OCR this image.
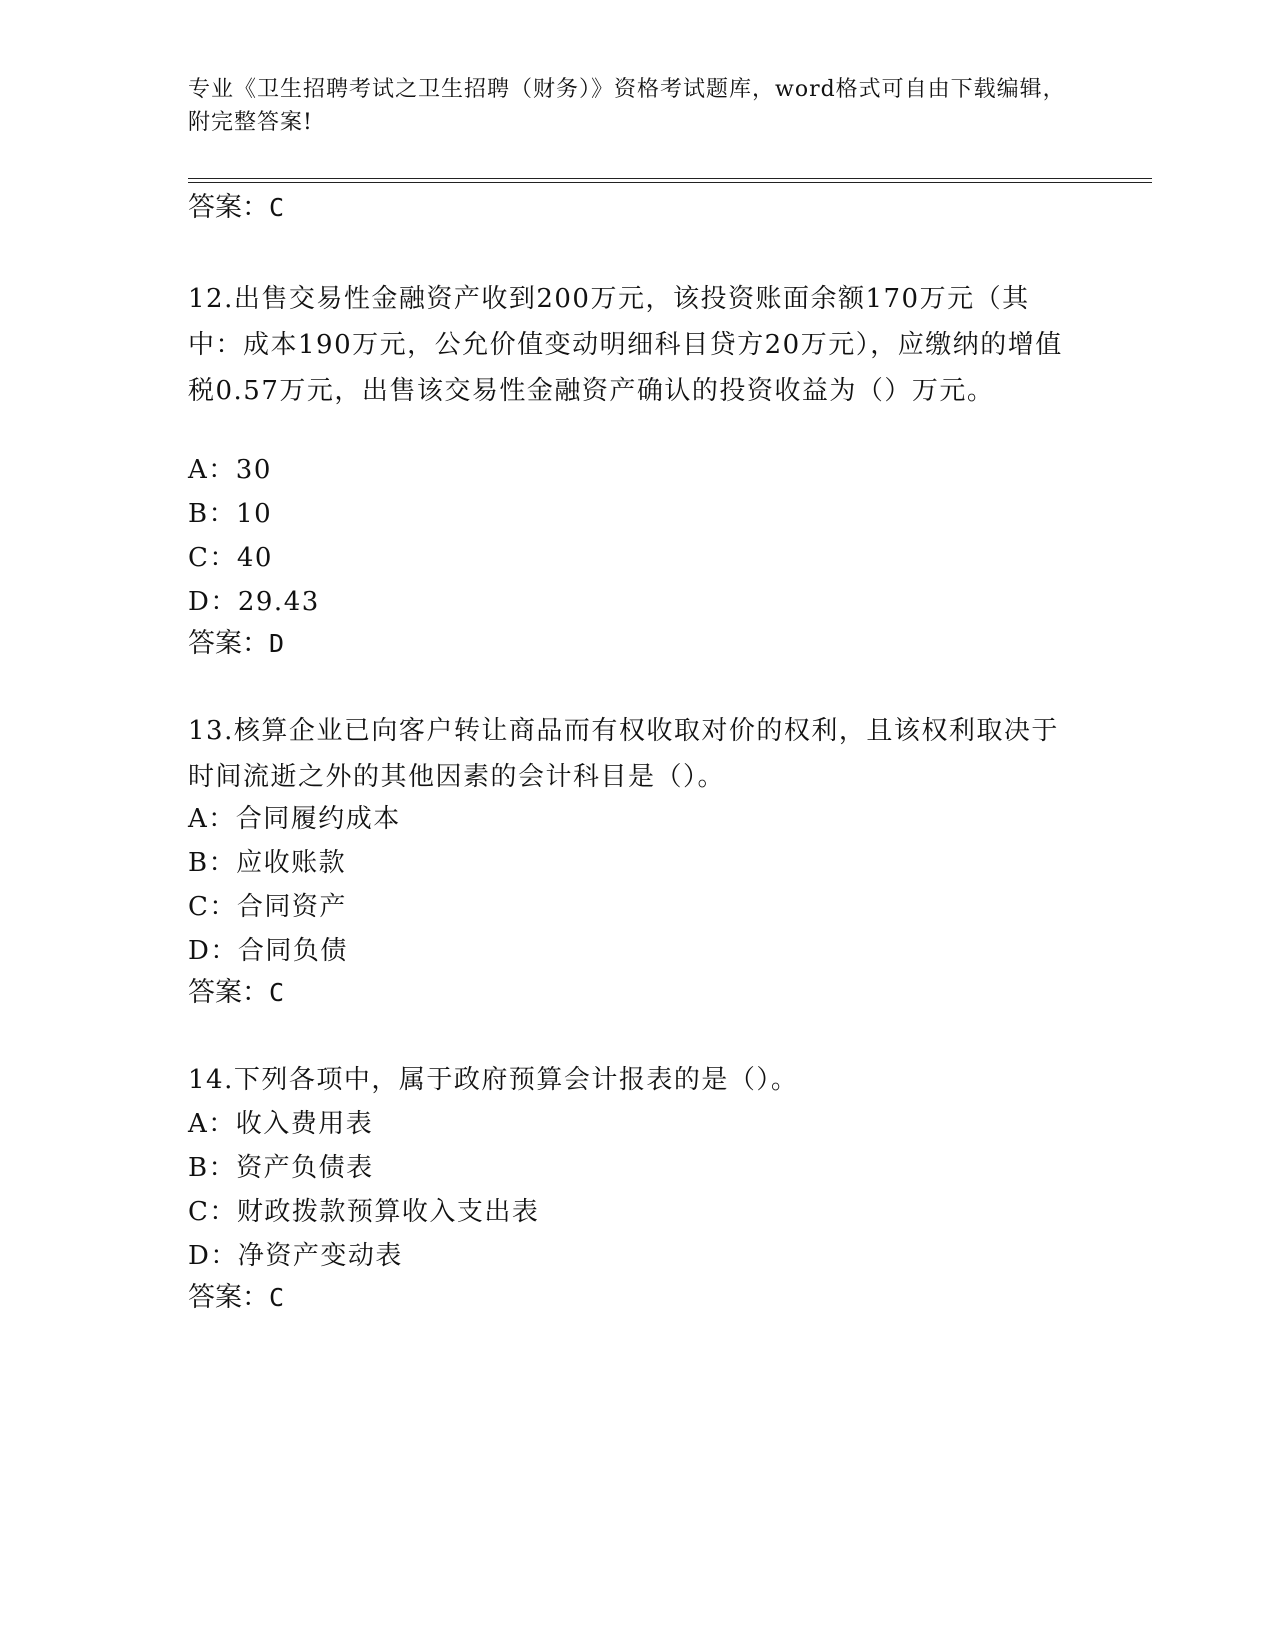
专业《卫生招聘考试之卫生招聘（财务）》资格考试题库，word格式可自由下载编辑，附完整答案!
答案：C
12.出售交易性金融资产收到200万元，该投资账面余额170万元（其中：成本190万元，公允价值变动明细科目贷方20万元），应缴纳的增值税0.57万元，出售该交易性金融资产确认的投资收益为（）万元。
A：30
B：10
C：40
D：29.43
答案：D
13.核算企业已向客户转让商品而有权收取对价的权利，且该权利取决于时间流逝之外的其他因素的会计科目是（）。
A：合同履约成本
B：应收账款
C：合同资产
D：合同负债
答案：C
14.下列各项中，属于政府预算会计报表的是（）。
A：收入费用表
B：资产负债表
C：财政拨款预算收入支出表
D：净资产变动表
答案：C
